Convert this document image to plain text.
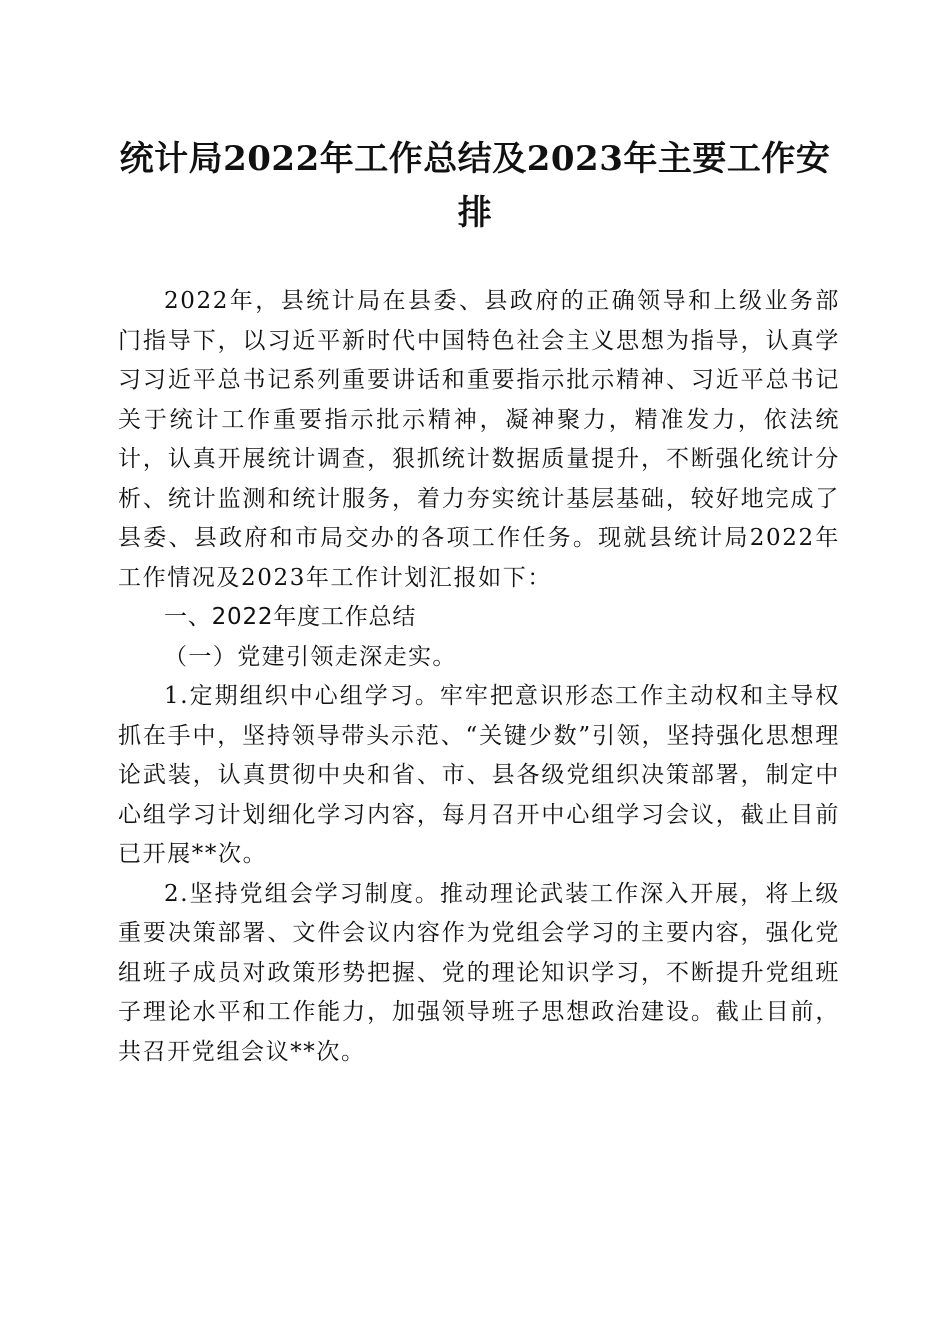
统计局2022年工作总结及2023年主要工作安排

2022年，县统计局在县委、县政府的正确领导和上级业务部门指导下，以习近平新时代中国特色社会主义思想为指导，认真学习习近平总书记系列重要讲话和重要指示批示精神、习近平总书记关于统计工作重要指示批示精神，凝神聚力，精准发力，依法统计，认真开展统计调查，狠抓统计数据质量提升，不断强化统计分析、统计监测和统计服务，着力夯实统计基层基础，较好地完成了县委、县政府和市局交办的各项工作任务。现就县统计局2022年工作情况及2023年工作计划汇报如下：

一、2022年度工作总结

（一）党建引领走深走实。

1.定期组织中心组学习。牢牢把意识形态工作主动权和主导权抓在手中，坚持领导带头示范、“关键少数”引领，坚持强化思想理论武装，认真贯彻中央和省、市、县各级党组织决策部署，制定中心组学习计划细化学习内容，每月召开中心组学习会议，截止目前已开展**次。

2.坚持党组会学习制度。推动理论武装工作深入开展，将上级重要决策部署、文件会议内容作为党组会学习的主要内容，强化党组班子成员对政策形势把握、党的理论知识学习，不断提升党组班子理论水平和工作能力，加强领导班子思想政治建设。截止目前，共召开党组会议**次。
